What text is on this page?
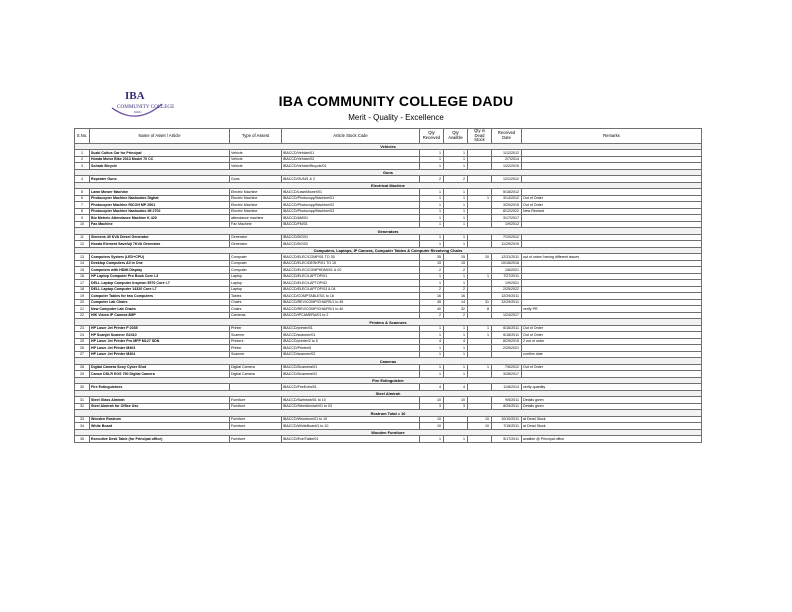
IBA
COMMUNITY COLLEGE
DADU
IBA COMMUNITY COLLEGE DADU
Merit - Quality - Excellence
S.No.	Name of Asset / Article	Type of Assest	Article Stock Code	Qty Received	Qty Availble	Qty in Dead Stock	Received Date	Remarks
Vehicles								
1	Suzki Cultus Car for Principal	Vehicle	IBACCD/Vehicle/01	1	1		1/12/2012	
2	Honda Motor Bike 2013 Model 70 CC	Vehicle	IBACCD/Vehicle/02	1	1		2/7/2014	
3	Sohrab Bicycle	Vehicle	IBACCD/Vehicle/Bicycle/01	1	1		1/22/2015	
Guns								
4	Repeater Guns	Guns	IBACCD/GUN/1 & 2	2	2		12/1/2012	
Electrical Machine								
5	Lawn Mower Machine	Electric Machine	IBACCD/LawnMower/01	1	1		5/18/2012	
6	Photocopier Machine Nashuatec Digital	Electric Machine	IBACCD/Photocopy/Machine/01	1	1	1	3/14/2012	Out of Order
7	Photocopier Machine RICOH MP 2501	Electric Machine	IBACCD/Photocopy/Machine/02	1	1		3/20/2019	Out of Order
8	Photocopier Machine Nashuatec IM 2702	Electric Machine	IBACCD/Photocopy/Machine/03	1	1		8/12/2022	New Recived
9	Bio Meteric Attendance Machine K 420	attendance machine	IBACCD/AM/01	1	1		3/17/2017	
10	Fax Machine	Fax Machine	IBACCD/FM/01	1	1		1/9/2012	
Generators								
11	Siemens 40 KVA Diesel Generator	Generator	IBACCD/DG/01	1	1		7/10/2012	
12	Honda Element Savefuji 7KVA Generator	Generator	IBACCD/DG/02	1	1		11/29/2019	
Computers, Laptops, IP Camera, Computer Tables & Computer Revolving Chairs								
13	Computers System (LED+CPU)	Computer	IBACCD/ELEC/COMP/01 TO 35	35	15	20	12/31/2011	out of order/ having different issues
14	Desktop Computers All in One	Computer	IBACCD/ELEC/DESKP/01 TO 15	15	15		10/18/2016	
15	Computers with HDMI Display	Computer	IBACCD/ELEC/COMPHDMI/01 & 02	2	2		1/8/2021	
16	HP Laptop Computer Pro Book Core i-3	Laptop	IBACCD/ELEC/LAPTOP/01	1	1	1	7/27/2011	
17	DELL Laptop Computer Inspiron 5570 Core i-7	Laptop	IBACCD/ELEC/LAPTOP/02	1	1		1/9/2021	
18	DELL Laptop Computer 14320 Core i-7	Laptop	IBACCD/ELEC/LAPTOP/03 & 04	2	2		2/25/2022	
19	Computer Tables for two Computers	Tables	IBACCD/COMPTABLES/1 to 16	16	16		12/29/2011	
20	Computer Lab Chairs	Chairs	IBACCD/REV/COMP/CHAIRS/1 to 45	45	14	31	12/29/2011	
21	New Computer Lab Chairs	Chairs	IBACCD/REV/COMP/CHAIRS/1 to 40	40	32	8		verify PR
22	HIK Vision IP Camera 8MP	Cameras	IBACCD/IPCAMERA/01 to 2	2	2		1/24/2017	
Printers & Scanners								
23	HP Laser Jet Printer P 2035	Printer	IBACCD/printer/01	1	1	1	6/16/2011	Out of Order
24	HP Scanjet Scanner G2410	Scanner	IBACCD/scanner/01	1	1	1	6/18/2011	Out of Order
25	HP Laser Jet Printer Pro MFP M127 SDN	Printers	IBACCD/printer/2 to 5	4	4		8/29/2019	2 out of order
26	HP Laser Jet Printer M403	Printer	IBACCD/Printer/6	1	1		2/25/2021	
27	HP Laser Jet Printer M404	Scanner	IBACCD/scanner/02	1	1			confirm date
Cameras								
28	Digital Camera Sony Cyber Shot	Digital Camera	IBACCD/Dcamera/01	1	1	1	7/6/2012	Out of Order
29	Canon DSLR EOS 750 Digital Camera	Digital Camera	IBACCD/Dcamera/02	1	1		3/28/2017	
Fire Extinguisher								
30	Fire Extinguishers		IBACCD/FireExtin/01	4	4		11/8/2014	verify quantity
Steel Almirah								
31	Steel Glass Almirah	Furniture	IBACCD/Salmirah/01 to 10	10	10		9/5/2011	Details given
32	Steel Almirah for Office Use	Furniture	IBACCD/SteelAlmirah/01 to 03	3	3		8/29/2011	Details given
Rostrum Total = 10								
33	Wooden Rostrum	Furniture	IBACCD/Wrostrum/01 to 10	10		10	10/10/2011	at Dead Stock
34	White Board	Furniture	IBACCD/WhiteBoard/1 to 10	10		10	7/15/2011	at Dead Stock
Wooden Furniture								
35	Executive Desk Table (for Principal office)	Furniture	IBACCD/Exe/Table/01	1	1		5/17/2011	availble @ Principal office
